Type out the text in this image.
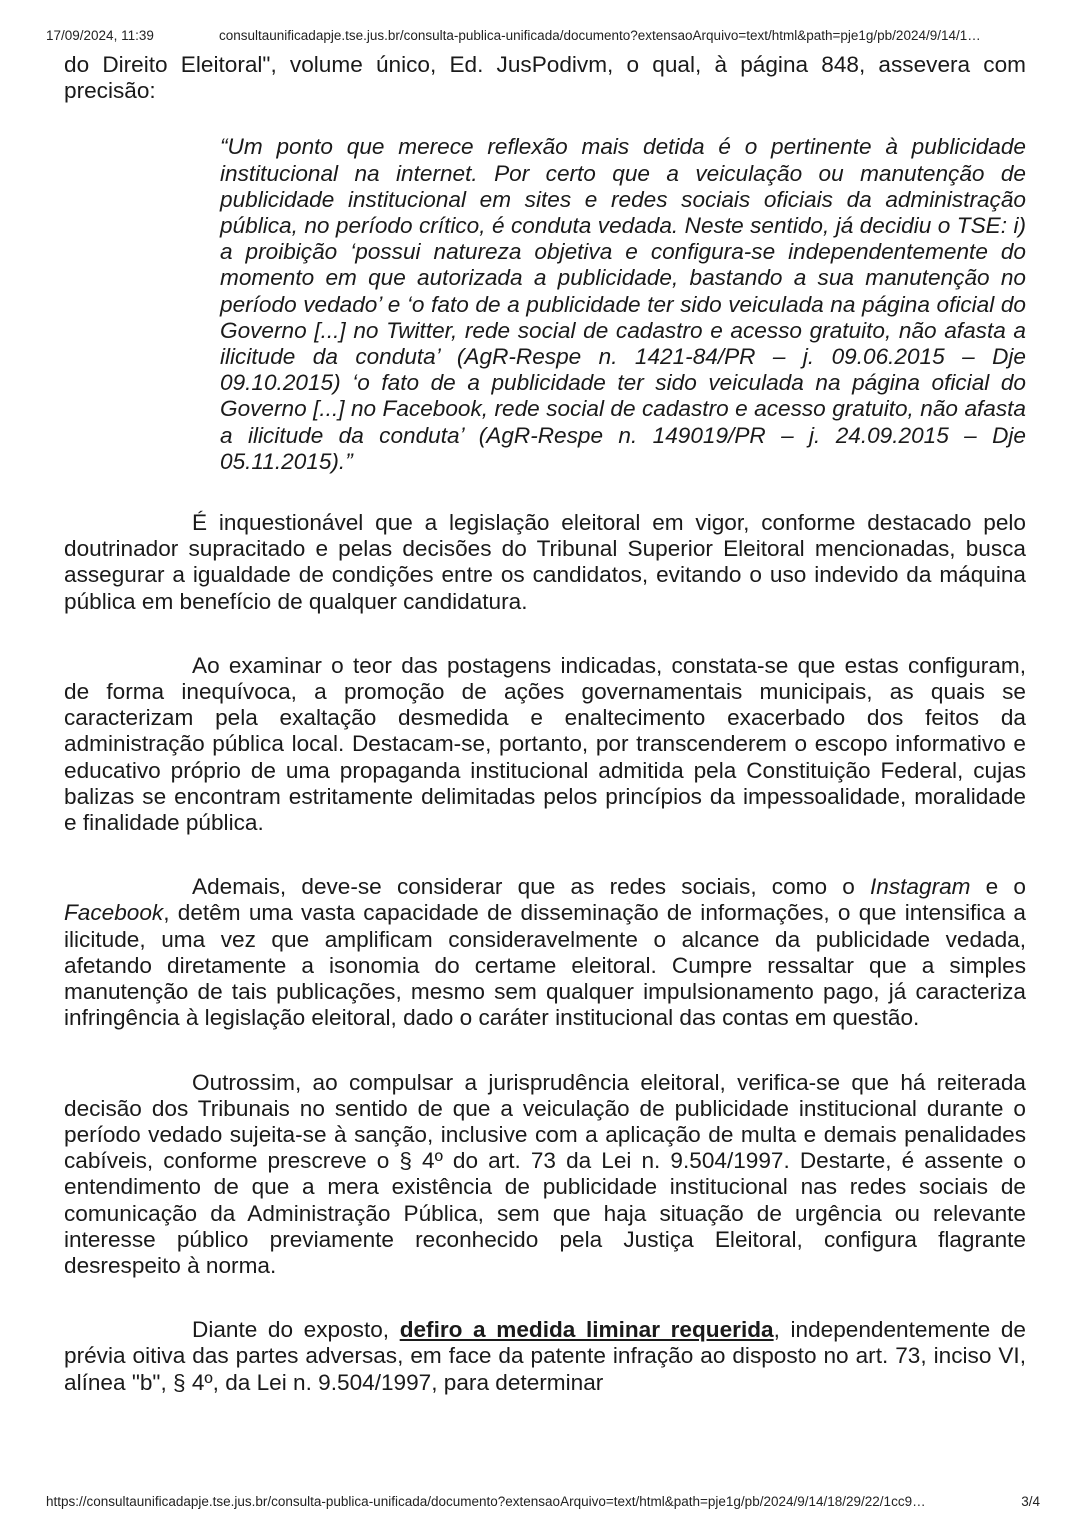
17/09/2024, 11:39	consultaunificadapje.tse.jus.br/consulta-publica-unificada/documento?extensaoArquivo=text/html&path=pje1g/pb/2024/9/14/1…

do Direito Eleitoral", volume único, Ed. JusPodivm, o qual, à página 848, assevera com precisão:

“Um ponto que merece reflexão mais detida é o pertinente à publicidade institucional na internet. Por certo que a veiculação ou manutenção de publicidade institucional em sites e redes sociais oficiais da administração pública, no período crítico, é conduta vedada. Neste sentido, já decidiu o TSE: i) a proibição ‘possui natureza objetiva e configura-se independentemente do momento em que autorizada a publicidade, bastando a sua manutenção no período vedado’ e ‘o fato de a publicidade ter sido veiculada na página oficial do Governo [...] no Twitter, rede social de cadastro e acesso gratuito, não afasta a ilicitude da conduta’ (AgR-Respe n. 1421-84/PR – j. 09.06.2015 – Dje 09.10.2015) ‘o fato de a publicidade ter sido veiculada na página oficial do Governo [...] no Facebook, rede social de cadastro e acesso gratuito, não afasta a ilicitude da conduta’ (AgR-Respe n. 149019/PR – j. 24.09.2015 – Dje 05.11.2015).”

É inquestionável que a legislação eleitoral em vigor, conforme destacado pelo doutrinador supracitado e pelas decisões do Tribunal Superior Eleitoral mencionadas, busca assegurar a igualdade de condições entre os candidatos, evitando o uso indevido da máquina pública em benefício de qualquer candidatura.

Ao examinar o teor das postagens indicadas, constata-se que estas configuram, de forma inequívoca, a promoção de ações governamentais municipais, as quais se caracterizam pela exaltação desmedida e enaltecimento exacerbado dos feitos da administração pública local. Destacam-se, portanto, por transcenderem o escopo informativo e educativo próprio de uma propaganda institucional admitida pela Constituição Federal, cujas balizas se encontram estritamente delimitadas pelos princípios da impessoalidade, moralidade e finalidade pública.

Ademais, deve-se considerar que as redes sociais, como o Instagram e o Facebook, detêm uma vasta capacidade de disseminação de informações, o que intensifica a ilicitude, uma vez que amplificam consideravelmente o alcance da publicidade vedada, afetando diretamente a isonomia do certame eleitoral. Cumpre ressaltar que a simples manutenção de tais publicações, mesmo sem qualquer impulsionamento pago, já caracteriza infringência à legislação eleitoral, dado o caráter institucional das contas em questão.

Outrossim, ao compulsar a jurisprudência eleitoral, verifica-se que há reiterada decisão dos Tribunais no sentido de que a veiculação de publicidade institucional durante o período vedado sujeita-se à sanção, inclusive com a aplicação de multa e demais penalidades cabíveis, conforme prescreve o § 4º do art. 73 da Lei n. 9.504/1997. Destarte, é assente o entendimento de que a mera existência de publicidade institucional nas redes sociais de comunicação da Administração Pública, sem que haja situação de urgência ou relevante interesse público previamente reconhecido pela Justiça Eleitoral, configura flagrante desrespeito à norma.

Diante do exposto, defiro a medida liminar requerida, independentemente de prévia oitiva das partes adversas, em face da patente infração ao disposto no art. 73, inciso VI, alínea "b", § 4º, da Lei n. 9.504/1997, para determinar

https://consultaunificadapje.tse.jus.br/consulta-publica-unificada/documento?extensaoArquivo=text/html&path=pje1g/pb/2024/9/14/18/29/22/1cc9…	3/4
